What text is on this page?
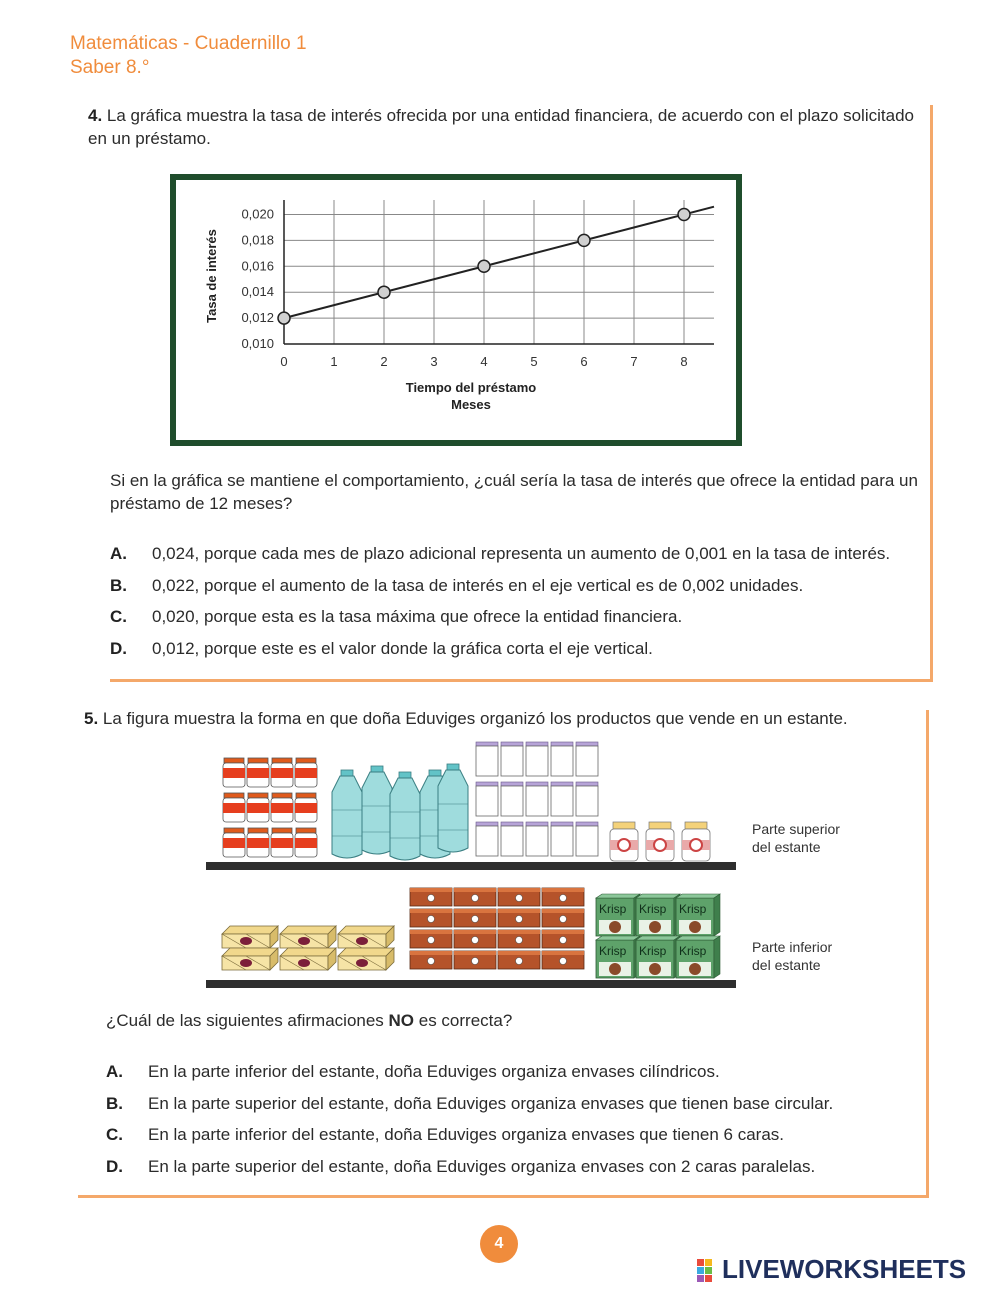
Matemáticas - Cuadernillo 1
Saber 8.°
4. La gráfica muestra la tasa de interés ofrecida por una entidad financiera, de acuerdo con el plazo solicitado en un préstamo.
0	1	2	3	4	5	6	7	8
0,010
0,012
0,014
0,016
0,018
0,020
Tiempo del préstamo
Meses
Tasa de interés
Si en la gráfica se mantiene el comportamiento, ¿cuál sería la tasa de interés que ofrece la entidad para un préstamo de 12 meses?
A. 0,024, porque cada mes de plazo adicional representa un aumento de 0,001 en la tasa de interés.
B. 0,022, porque el aumento de la tasa de interés en el eje vertical es de 0,002 unidades.
C. 0,020, porque esta es la tasa máxima que ofrece la entidad financiera.
D. 0,012, porque este es el valor donde la gráfica corta el eje vertical.
5. La figura muestra la forma en que doña Eduviges organizó los productos que vende en un estante.
Krisp Krisp Krisp
Krisp Krisp Krisp
Parte superior
del estante
Parte inferior
del estante
¿Cuál de las siguientes afirmaciones NO es correcta?
A. En la parte inferior del estante, doña Eduviges organiza envases cilíndricos.
B. En la parte superior del estante, doña Eduviges organiza envases que tienen base circular.
C. En la parte inferior del estante, doña Eduviges organiza envases que tienen 6 caras.
D. En la parte superior del estante, doña Eduviges organiza envases con 2 caras paralelas.
4
LIVEWORKSHEETS
